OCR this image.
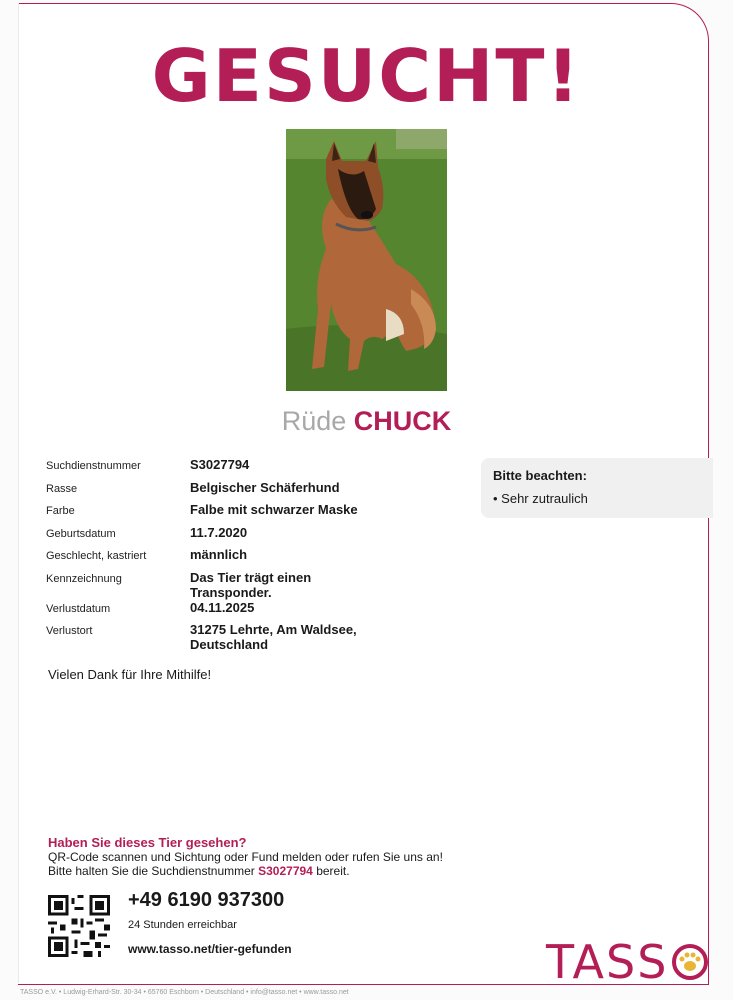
GESUCHT!
Rüde CHUCK
Suchdienstnummer	S3027794
Rasse	Belgischer Schäferhund
Farbe	Falbe mit schwarzer Maske
Geburtsdatum	11.7.2020
Geschlecht, kastriert	männlich
Kennzeichnung	Das Tier trägt einen Transponder.
Verlustdatum	04.11.2025
Verlustort	31275 Lehrte, Am Waldsee, Deutschland
Bitte beachten:
• Sehr zutraulich
Vielen Dank für Ihre Mithilfe!
Haben Sie dieses Tier gesehen?
QR-Code scannen und Sichtung oder Fund melden oder rufen Sie uns an!
Bitte halten Sie die Suchdienstnummer S3027794 bereit.
+49 6190 937300
24 Stunden erreichbar
www.tasso.net/tier-gefunden	TASS
TASSO e.V. • Ludwig-Erhard-Str. 30-34 • 65760 Eschborn • Deutschland • info@tasso.net • www.tasso.net
